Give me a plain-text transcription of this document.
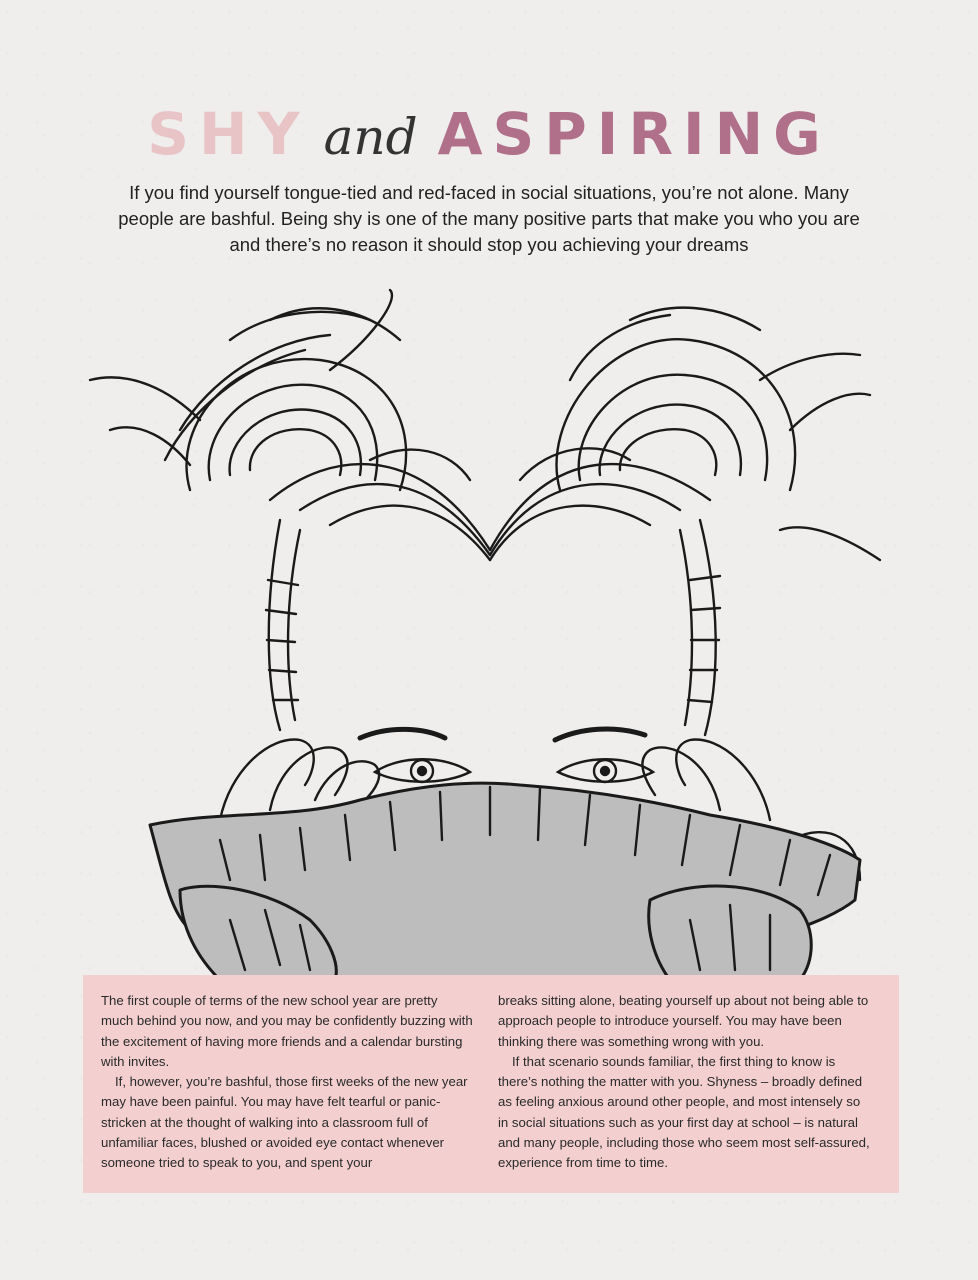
SHY and ASPIRING
If you find yourself tongue-tied and red-faced in social situations, you’re not alone. Many people are bashful. Being shy is one of the many positive parts that make you who you are and there’s no reason it should stop you achieving your dreams

The first couple of terms of the new school year are pretty much behind you now, and you may be confidently buzzing with the excitement of having more friends and a calendar bursting with invites.

If, however, you’re bashful, those first weeks of the new year may have been painful. You may have felt tearful or panic-stricken at the thought of walking into a classroom full of unfamiliar faces, blushed or avoided eye contact whenever someone tried to speak to you, and spent your

breaks sitting alone, beating yourself up about not being able to approach people to introduce yourself. You may have been thinking there was something wrong with you.

If that scenario sounds familiar, the first thing to know is there’s nothing the matter with you. Shyness – broadly defined as feeling anxious around other people, and most intensely so in social situations such as your first day at school – is natural and many people, including those who seem most self-assured, experience from time to time.
